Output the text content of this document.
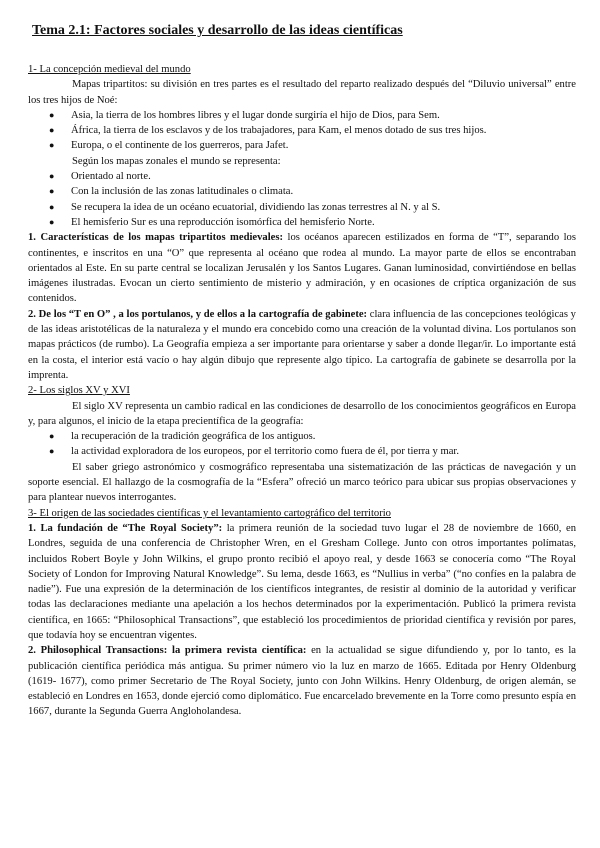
Tema 2.1: Factores sociales y desarrollo de las ideas científicas
1- La concepción medieval del mundo

Mapas tripartitos: su división en tres partes es el resultado del reparto realizado después del “Diluvio universal” entre los tres hijos de Noé:

● Asia, la tierra de los hombres libres y el lugar donde surgiría el hijo de Dios, para Sem.
● África, la tierra de los esclavos y de los trabajadores, para Kam, el menos dotado de sus tres hijos.
● Europa, o el continente de los guerreros, para Jafet.

Según los mapas zonales el mundo se representa:

● Orientado al norte.
● Con la inclusión de las zonas latitudinales o climata.
● Se recupera la idea de un océano ecuatorial, dividiendo las zonas terrestres al N. y al S.
● El hemisferio Sur es una reproducción isomórfica del hemisferio Norte.

1. Características de los mapas tripartitos medievales: los océanos aparecen estilizados en forma de “T”, separando los continentes, e inscritos en una “O” que representa al océano que rodea al mundo. La mayor parte de ellos se encontraban orientados al Este. En su parte central se localizan Jerusalén y los Santos Lugares. Ganan luminosidad, convirtiéndose en bellas imágenes ilustradas. Evocan un cierto sentimiento de misterio y admiración, y en ocasiones de críptica organización de sus contenidos.

2. De los “T en O” , a los portulanos, y de ellos a la cartografía de gabinete: clara influencia de las concepciones teológicas y de las ideas aristotélicas de la naturaleza y el mundo era concebido como una creación de la voluntad divina. Los portulanos son mapas prácticos (de rumbo). La Geografía empieza a ser importante para orientarse y saber a donde llegar/ir. Lo importante está en la costa, el interior está vacío o hay algún dibujo que represente algo típico. La cartografía de gabinete se desarrolla por la imprenta.

2- Los siglos XV y XVI

El siglo XV representa un cambio radical en las condiciones de desarrollo de los conocimientos geográficos en Europa y, para algunos, el inicio de la etapa precientífica de la geografía:

● la recuperación de la tradición geográfica de los antiguos.
● la actividad exploradora de los europeos, por el territorio como fuera de él, por tierra y mar.

El saber griego astronómico y cosmográfico representaba una sistematización de las prácticas de navegación y un soporte esencial. El hallazgo de la cosmografía de la “Esfera” ofreció un marco teórico para ubicar sus propias observaciones y para plantear nuevos interrogantes.

3- El origen de las sociedades científicas y el levantamiento cartográfico del territorio

1. La fundación de “The Royal Society”: la primera reunión de la sociedad tuvo lugar el 28 de noviembre de 1660, en Londres, seguida de una conferencia de Christopher Wren, en el Gresham College. Junto con otros importantes polímatas, incluidos Robert Boyle y John Wilkins, el grupo pronto recibió el apoyo real, y desde 1663 se conocería como “The Royal Society of London for Improving Natural Knowledge”. Su lema, desde 1663, es “Nullius in verba” (“no confíes en la palabra de nadie”). Fue una expresión de la determinación de los científicos integrantes, de resistir al dominio de la autoridad y verificar todas las declaraciones mediante una apelación a los hechos determinados por la experimentación. Publicó la primera revista científica, en 1665: “Philosophical Transactions”, que estableció los procedimientos de prioridad científica y revisión por pares, que todavía hoy se encuentran vigentes.

2. Philosophical Transactions: la primera revista científica: en la actualidad se sigue difundiendo y, por lo tanto, es la publicación científica periódica más antigua. Su primer número vio la luz en marzo de 1665. Editada por Henry Oldenburg (1619- 1677), como primer Secretario de The Royal Society, junto con John Wilkins. Henry Oldenburg, de origen alemán, se estableció en Londres en 1653, donde ejerció como diplomático. Fue encarcelado brevemente en la Torre como presunto espía en 1667, durante la Segunda Guerra Angloholandesa.
